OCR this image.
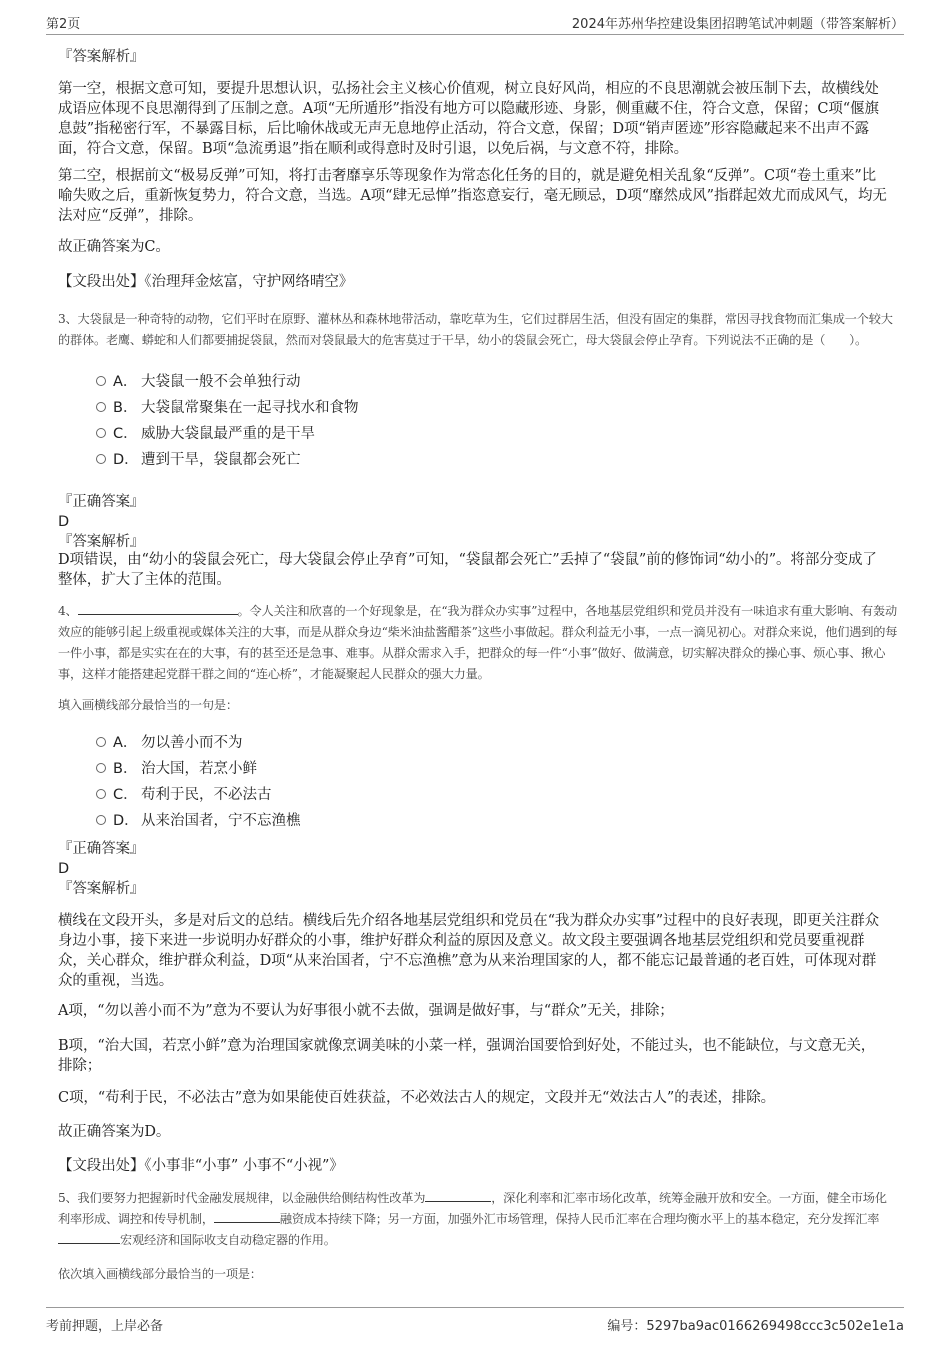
第2页	2024年苏州华控建设集团招聘笔试冲刺题（带答案解析）
『答案解析』
第一空，根据文意可知，要提升思想认识，弘扬社会主义核心价值观，树立良好风尚，相应的不良思潮就会被压制下去，故横线处成语应体现不良思潮得到了压制之意。A项“无所遁形”指没有地方可以隐藏形迹、身影，侧重藏不住，符合文意，保留；C项“偃旗息鼓”指秘密行军，不暴露目标，后比喻休战或无声无息地停止活动，符合文意，保留；D项“销声匿迹”形容隐藏起来不出声不露面，符合文意，保留。B项“急流勇退”指在顺利或得意时及时引退，以免后祸，与文意不符，排除。
第二空，根据前文“极易反弹”可知，将打击奢靡享乐等现象作为常态化任务的目的，就是避免相关乱象“反弹”。C项“卷土重来”比喻失败之后，重新恢复势力，符合文意，当选。A项“肆无忌惮”指恣意妄行，毫无顾忌，D项“靡然成风”指群起效尤而成风气，均无法对应“反弹”，排除。
故正确答案为C。
【文段出处】《治理拜金炫富，守护网络晴空》
3、大袋鼠是一种奇特的动物，它们平时在原野、灌林丛和森林地带活动，靠吃草为生，它们过群居生活，但没有固定的集群，常因寻找食物而汇集成一个较大的群体。老鹰、蟒蛇和人们都要捕捉袋鼠，然而对袋鼠最大的危害莫过于干旱，幼小的袋鼠会死亡，母大袋鼠会停止孕育。下列说法不正确的是（　　）。
A． 大袋鼠一般不会单独行动
B． 大袋鼠常聚集在一起寻找水和食物
C． 威胁大袋鼠最严重的是干旱
D． 遭到干旱，袋鼠都会死亡
『正确答案』
D
『答案解析』
D项错误，由“幼小的袋鼠会死亡，母大袋鼠会停止孕育”可知，“袋鼠都会死亡”丢掉了“袋鼠”前的修饰词“幼小的”。将部分变成了整体，扩大了主体的范围。
4、	。令人关注和欣喜的一个好现象是，在“我为群众办实事”过程中，各地基层党组织和党员并没有一味追求有重大影响、有轰动效应的能够引起上级重视或媒体关注的大事，而是从群众身边“柴米油盐酱醋茶”这些小事做起。群众利益无小事，一点一滴见初心。对群众来说，他们遇到的每一件小事，都是实实在在的大事，有的甚至还是急事、难事。从群众需求入手，把群众的每一件“小事”做好、做满意，切实解决群众的操心事、烦心事、揪心事，这样才能搭建起党群干群之间的“连心桥”，才能凝聚起人民群众的强大力量。
填入画横线部分最恰当的一句是：
A． 勿以善小而不为
B． 治大国，若烹小鲜
C． 苟利于民，不必法古
D． 从来治国者，宁不忘渔樵
『正确答案』
D
『答案解析』
横线在文段开头，多是对后文的总结。横线后先介绍各地基层党组织和党员在“我为群众办实事”过程中的良好表现，即更关注群众身边小事，接下来进一步说明办好群众的小事，维护好群众利益的原因及意义。故文段主要强调各地基层党组织和党员要重视群众，关心群众，维护群众利益，D项“从来治国者，宁不忘渔樵”意为从来治理国家的人，都不能忘记最普通的老百姓，可体现对群众的重视，当选。
A项，“勿以善小而不为”意为不要认为好事很小就不去做，强调是做好事，与“群众”无关，排除；
B项，“治大国，若烹小鲜”意为治理国家就像烹调美味的小菜一样，强调治国要恰到好处，不能过头，也不能缺位，与文意无关，排除；
C项，“苟利于民，不必法古”意为如果能使百姓获益，不必效法古人的规定，文段并无“效法古人”的表述，排除。
故正确答案为D。
【文段出处】《小事非“小事” 小事不“小视”》
5、我们要努力把握新时代金融发展规律，以金融供给侧结构性改革为	，深化利率和汇率市场化改革，统筹金融开放和安全。一方面，健全市场化利率形成、调控和传导机制，	融资成本持续下降；另一方面，加强外汇市场管理，保持人民币汇率在合理均衡水平上的基本稳定，充分发挥汇率宏观经济和国际收支自动稳定器的作用。
依次填入画横线部分最恰当的一项是：
考前押题，上岸必备	编号：5297ba9ac0166269498ccc3c502e1e1a
